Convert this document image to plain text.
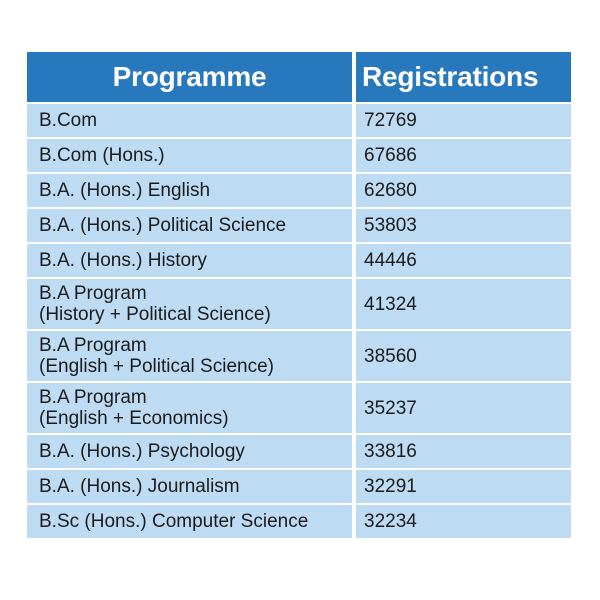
Programme		Registrations

B.Com		72769

B.Com (Hons.)		67686

B.A. (Hons.) English		62680

B.A. (Hons.) Political Science		53803

B.A. (Hons.) History		44446

B.A Program
(History + Political Science)		41324

B.A Program
(English + Political Science)		38560

B.A Program
(English + Economics)		35237

B.A. (Hons.) Psychology		33816

B.A. (Hons.) Journalism		32291

B.Sc (Hons.) Computer Science		32234
